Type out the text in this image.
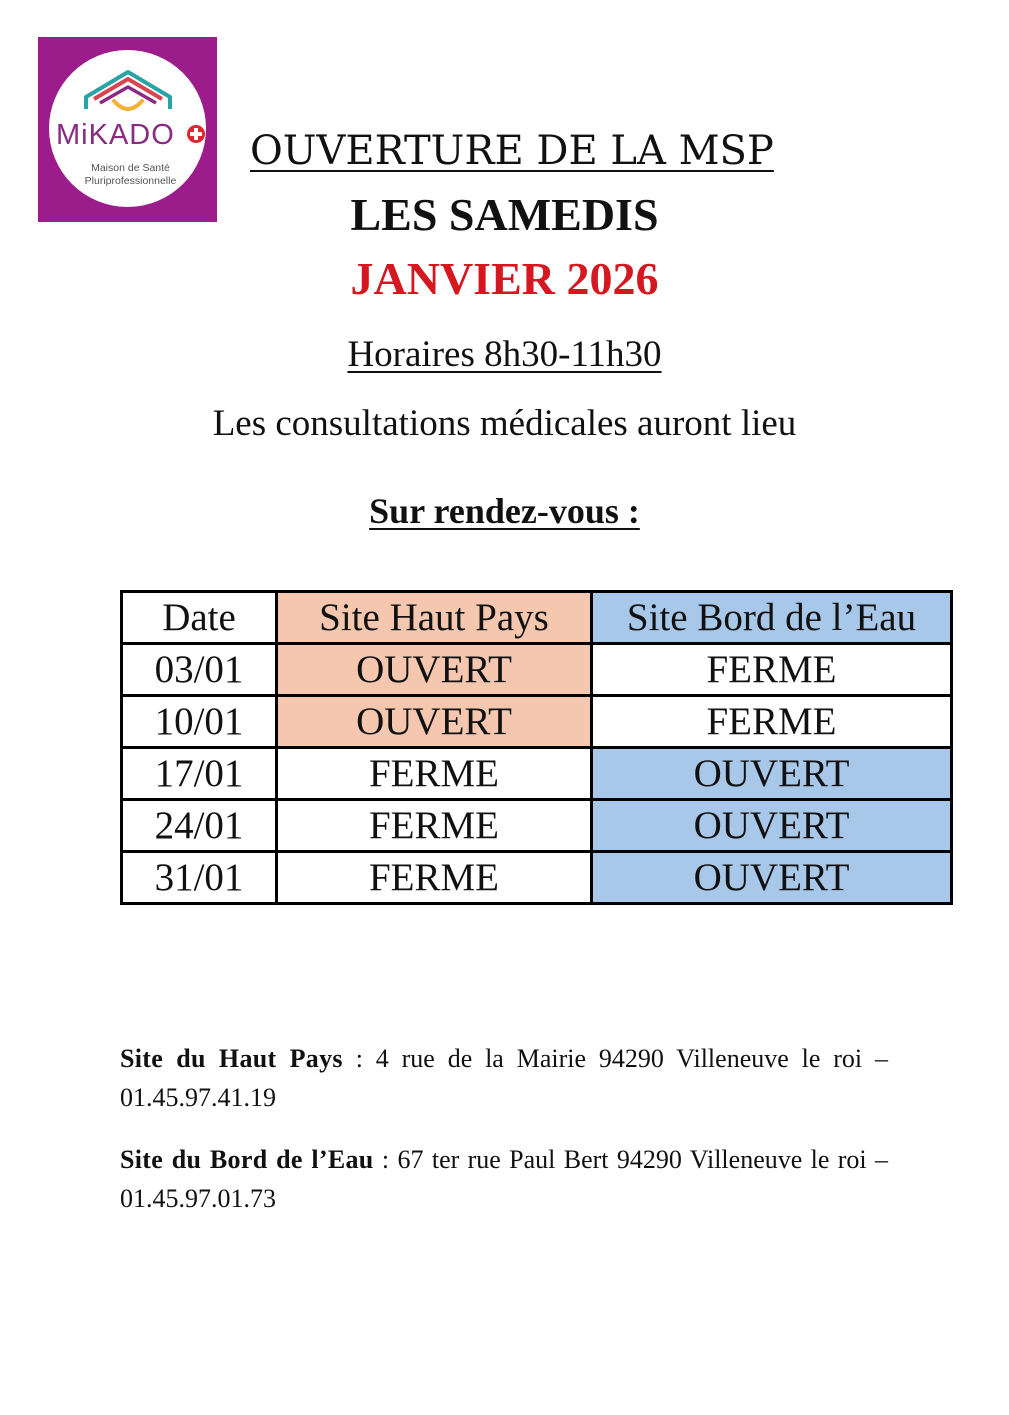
MiKADO
Maison de Santé
Pluriprofessionnelle
OUVERTURE DE LA MSP
LES SAMEDIS
JANVIER 2026
Horaires 8h30-11h30
Les consultations médicales auront lieu
Sur rendez-vous :
Date	Site Haut Pays	Site Bord de l’Eau
03/01	OUVERT	FERME
10/01	OUVERT	FERME
17/01	FERME	OUVERT
24/01	FERME	OUVERT
31/01	FERME	OUVERT
Site du Haut Pays : 4 rue de la Mairie 94290 Villeneuve le roi – 01.45.97.41.19
Site du Bord de l’Eau : 67 ter rue Paul Bert 94290 Villeneuve le roi – 01.45.97.01.73
